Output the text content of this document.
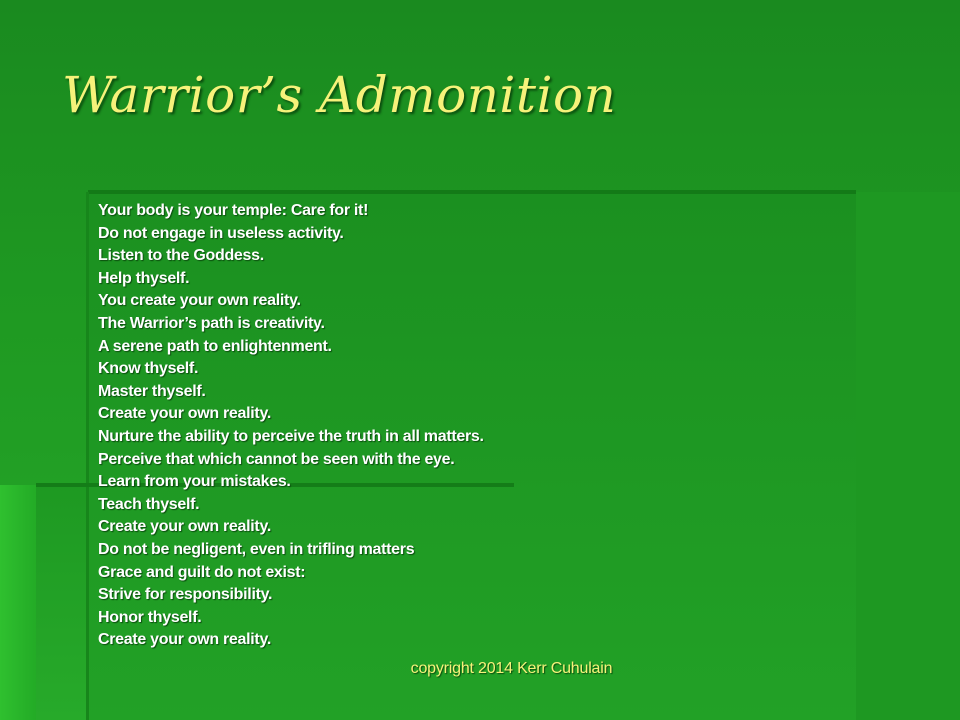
Warrior’s Admonition
Your body is your temple: Care for it!
Do not engage in useless activity.
Listen to the Goddess.
Help thyself.
You create your own reality.
The Warrior’s path is creativity.
A serene path to enlightenment.
Know thyself.
Master thyself.
Create your own reality.
Nurture the ability to perceive the truth in all matters.
Perceive that which cannot be seen with the eye.
Learn from your mistakes.
Teach thyself.
Create your own reality.
Do not be negligent, even in trifling matters
Grace and guilt do not exist:
Strive for responsibility.
Honor thyself.
Create your own reality.
copyright 2014 Kerr Cuhulain
